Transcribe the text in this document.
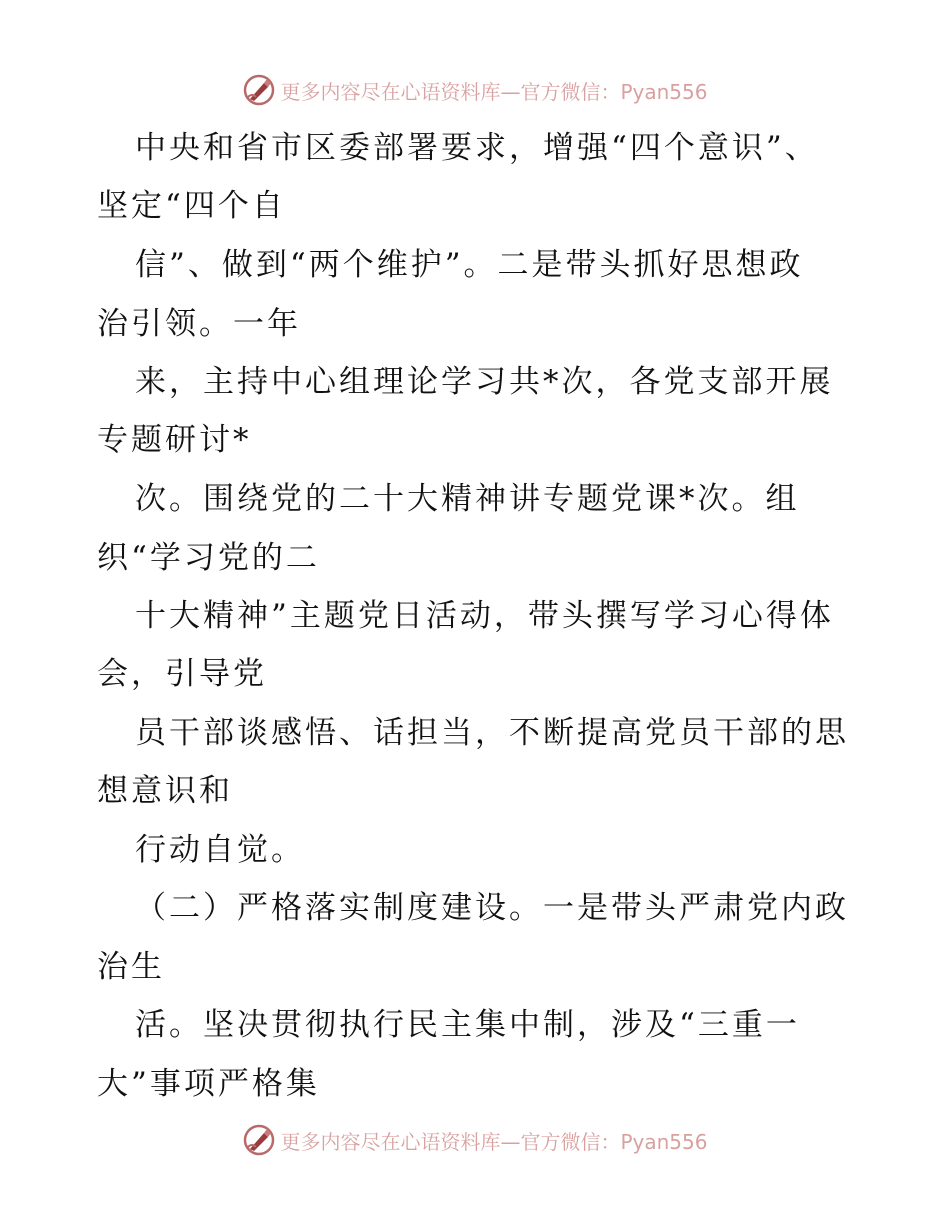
更多内容尽在心语资料库—官方微信：Pyan556
中央和省市区委部署要求，增强“四个意识”、
坚定“四个自
信”、做到“两个维护”。二是带头抓好思想政
治引领。一年
来，主持中心组理论学习共*次，各党支部开展
专题研讨*
次。围绕党的二十大精神讲专题党课*次。组
织“学习党的二
十大精神”主题党日活动，带头撰写学习心得体
会，引导党
员干部谈感悟、话担当，不断提高党员干部的思
想意识和
行动自觉。
（二）严格落实制度建设。一是带头严肃党内政
治生
活。坚决贯彻执行民主集中制，涉及“三重一
大”事项严格集
更多内容尽在心语资料库—官方微信：Pyan556
